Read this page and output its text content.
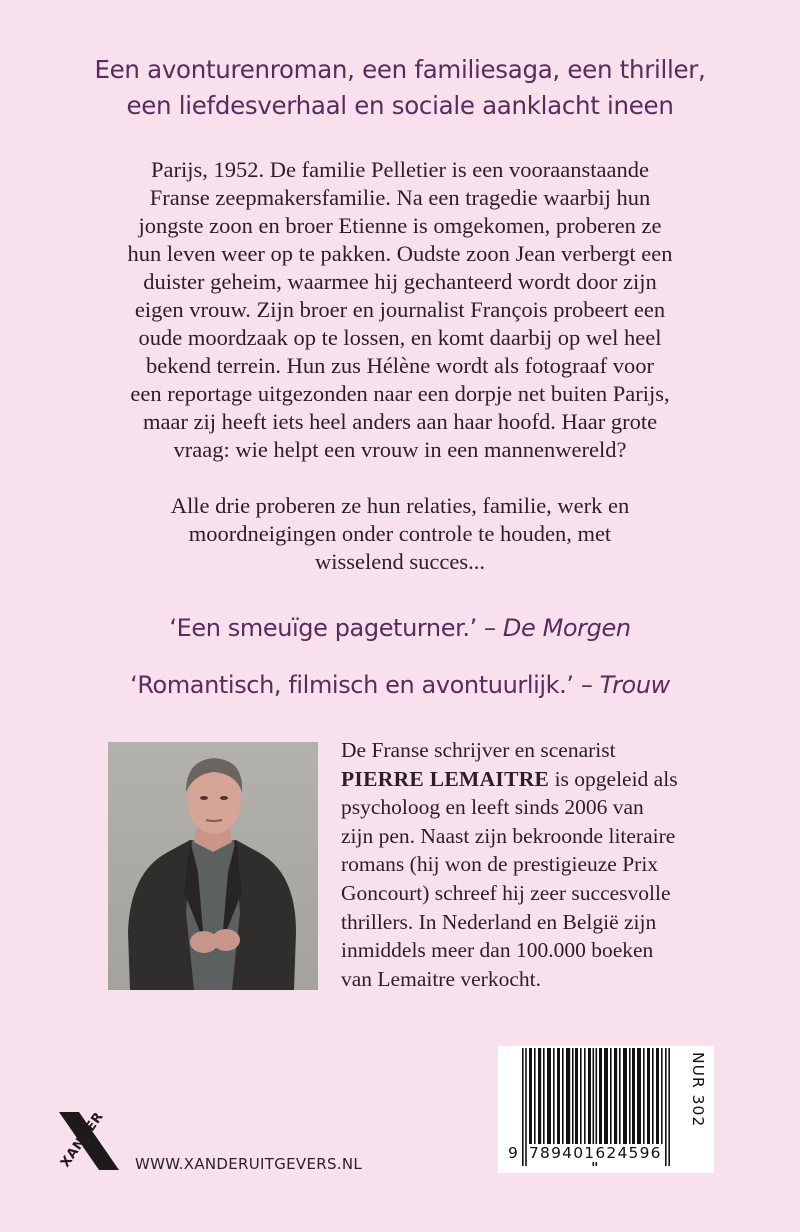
Een avonturenroman, een familiesaga, een thriller,
een liefdesverhaal en sociale aanklacht ineen

Parijs, 1952. De familie Pelletier is een vooraanstaande
Franse zeepmakersfamilie. Na een tragedie waarbij hun
jongste zoon en broer Etienne is omgekomen, proberen ze
hun leven weer op te pakken. Oudste zoon Jean verbergt een
duister geheim, waarmee hij gechanteerd wordt door zijn
eigen vrouw. Zijn broer en journalist François probeert een
oude moordzaak op te lossen, en komt daarbij op wel heel
bekend terrein. Hun zus Hélène wordt als fotograaf voor
een reportage uitgezonden naar een dorpje net buiten Parijs,
maar zij heeft iets heel anders aan haar hoofd. Haar grote
vraag: wie helpt een vrouw in een mannenwereld?

Alle drie proberen ze hun relaties, familie, werk en
moordneigingen onder controle te houden, met
wisselend succes...

‘Een smeuïge pageturner.’ – De Morgen
‘Romantisch, filmisch en avontuurlijk.’ – Trouw
De Franse schrijver en scenarist
PIERRE LEMAITRE is opgeleid als
psycholoog en leeft sinds 2006 van
zijn pen. Naast zijn bekroonde literaire
romans (hij won de prestigieuze Prix
Goncourt) schreef hij zeer succesvolle
thrillers. In Nederland en België zijn
inmiddels meer dan 100.000 boeken
van Lemaitre verkocht.
XANDER WWW.XANDERUITGEVERS.NL
9 789401624596
NUR 302
